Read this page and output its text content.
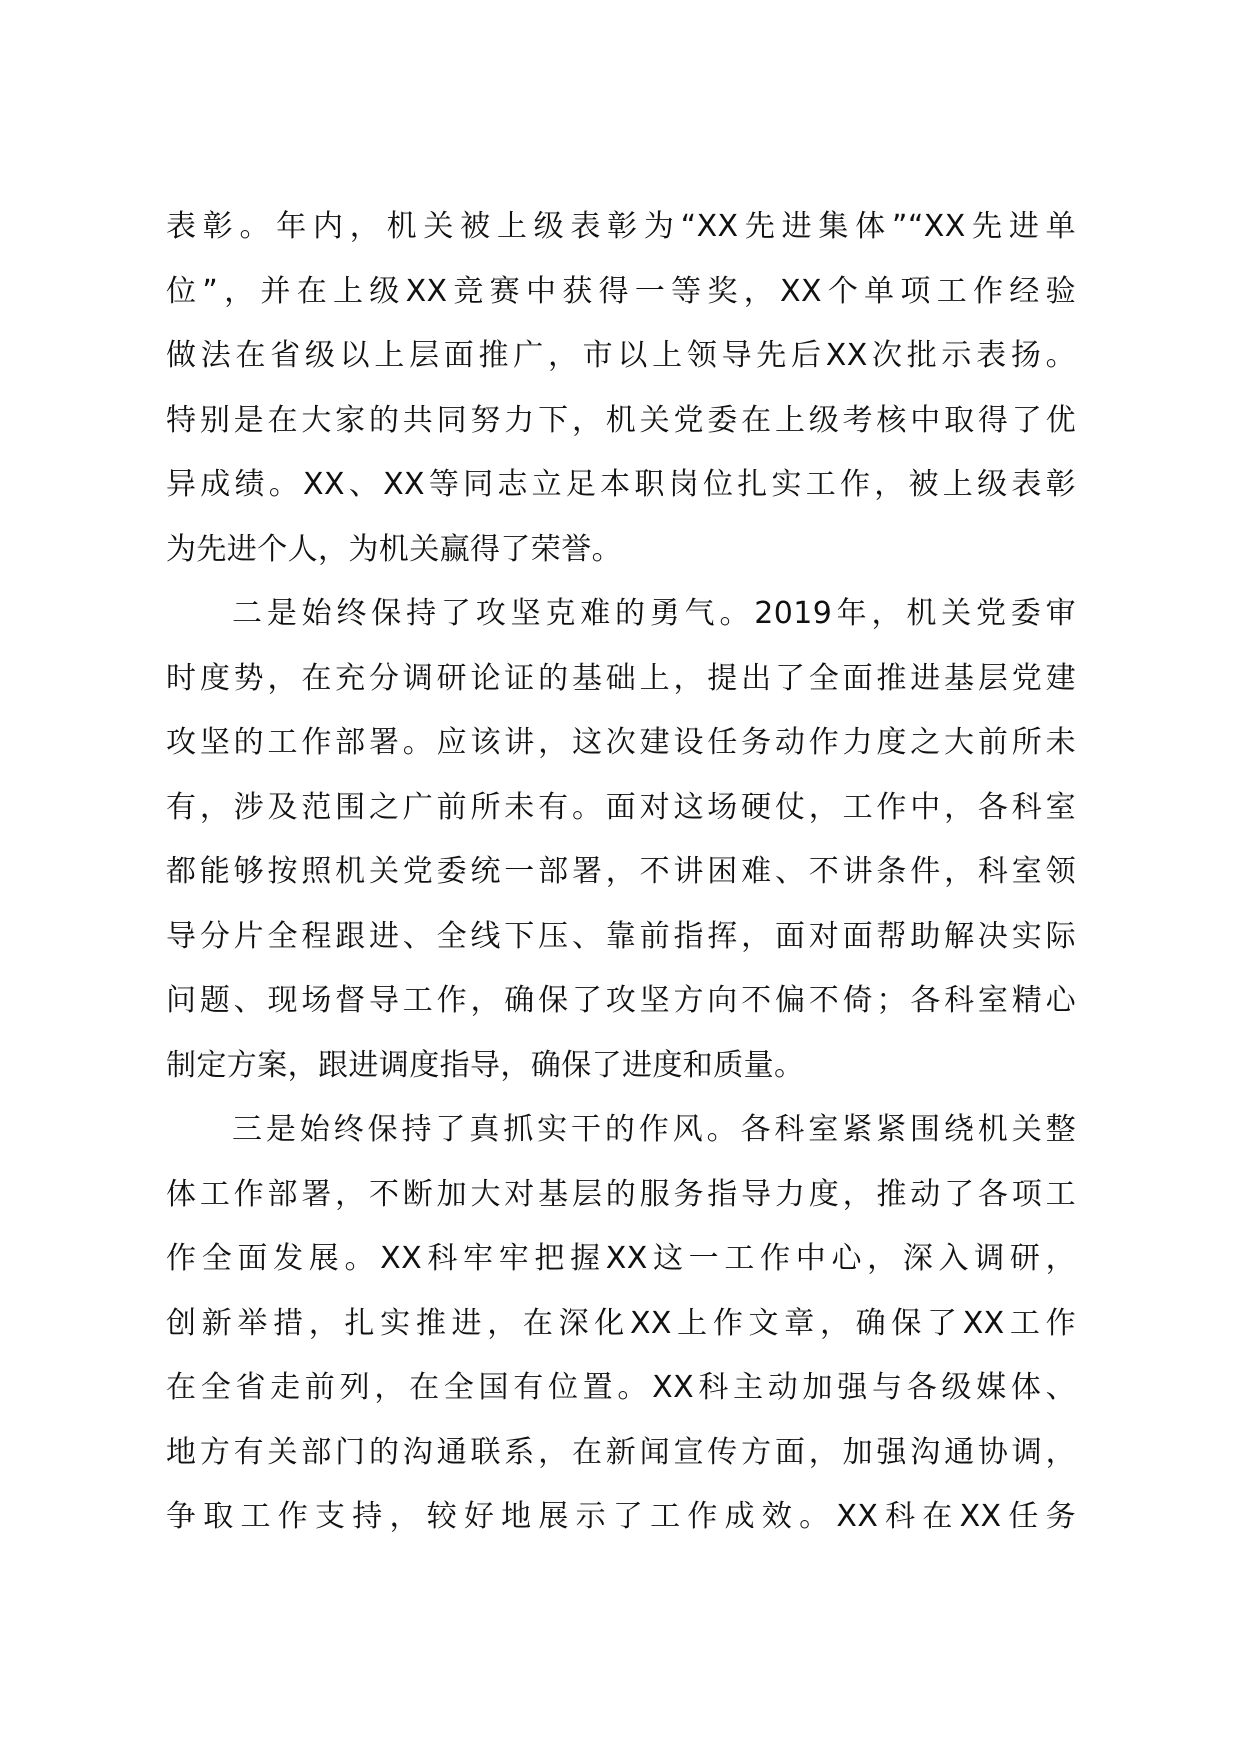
表彰。年内，机关被上级表彰为“XX先进集体”“XX先进单
位”，并在上级XX竞赛中获得一等奖，XX个单项工作经验
做法在省级以上层面推广，市以上领导先后XX次批示表扬。
特别是在大家的共同努力下，机关党委在上级考核中取得了优
异成绩。XX、XX等同志立足本职岗位扎实工作，被上级表彰
为先进个人，为机关赢得了荣誉。
二是始终保持了攻坚克难的勇气。2019年，机关党委审
时度势，在充分调研论证的基础上，提出了全面推进基层党建
攻坚的工作部署。应该讲，这次建设任务动作力度之大前所未
有，涉及范围之广前所未有。面对这场硬仗，工作中，各科室
都能够按照机关党委统一部署，不讲困难、不讲条件，科室领
导分片全程跟进、全线下压、靠前指挥，面对面帮助解决实际
问题、现场督导工作，确保了攻坚方向不偏不倚；各科室精心
制定方案，跟进调度指导，确保了进度和质量。
三是始终保持了真抓实干的作风。各科室紧紧围绕机关整
体工作部署，不断加大对基层的服务指导力度，推动了各项工
作全面发展。XX科牢牢把握XX这一工作中心，深入调研，
创新举措，扎实推进，在深化XX上作文章，确保了XX工作
在全省走前列，在全国有位置。XX科主动加强与各级媒体、
地方有关部门的沟通联系，在新闻宣传方面，加强沟通协调，
争取工作支持，较好地展示了工作成效。XX科在XX任务
